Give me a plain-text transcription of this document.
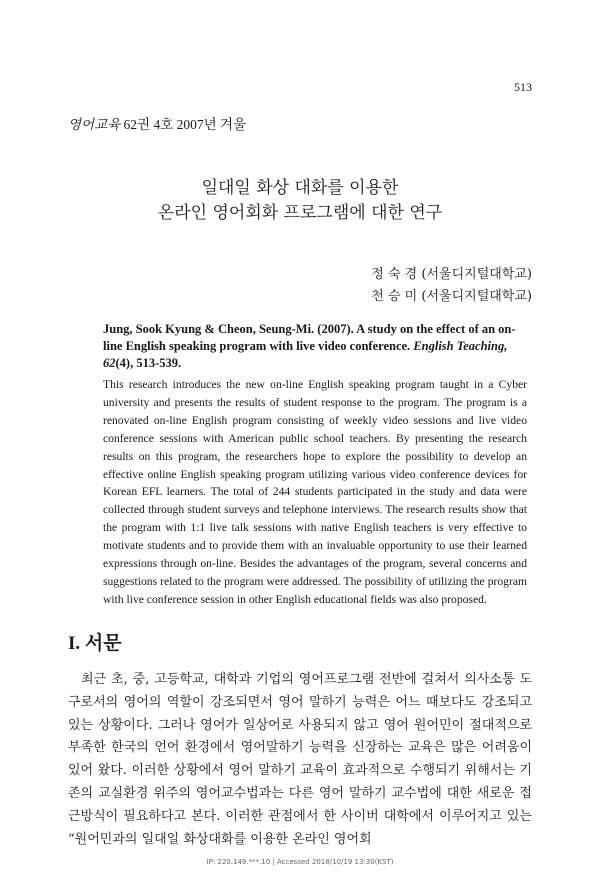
513
영어교육 62권 4호 2007년 겨울
일대일 화상 대화를 이용한
온라인 영어회화 프로그램에 대한 연구
정 숙 경 (서울디지털대학교)
천 승 미 (서울디지털대학교)
Jung, Sook Kyung & Cheon, Seung-Mi. (2007). A study on the effect of an on-line English speaking program with live video conference. English Teaching, 62(4), 513-539.
This research introduces the new on-line English speaking program taught in a Cyber university and presents the results of student response to the program. The program is a renovated on-line English program consisting of weekly video sessions and live video conference sessions with American public school teachers. By presenting the research results on this program, the researchers hope to explore the possibility to develop an effective online English speaking program utilizing various video conference devices for Korean EFL learners. The total of 244 students participated in the study and data were collected through student surveys and telephone interviews. The research results show that the program with 1:1 live talk sessions with native English teachers is very effective to motivate students and to provide them with an invaluable opportunity to use their learned expressions through on-line. Besides the advantages of the program, several concerns and suggestions related to the program were addressed. The possibility of utilizing the program with live conference session in other English educational fields was also proposed.
I. 서문
최근 초, 중, 고등학교, 대학과 기업의 영어프로그램 전반에 걸쳐서 의사소통 도구로서의 영어의 역할이 강조되면서 영어 말하기 능력은 어느 때보다도 강조되고 있는 상황이다. 그러나 영어가 일상어로 사용되지 않고 영어 원어민이 절대적으로 부족한 한국의 언어 환경에서 영어말하기 능력을 신장하는 교육은 많은 어려움이 있어 왔다. 이러한 상황에서 영어 말하기 교육이 효과적으로 수행되기 위해서는 기존의 교실환경 위주의 영어교수법과는 다른 영어 말하기 교수법에 대한 새로운 접근방식이 필요하다고 본다. 이러한 관점에서 한 사이버 대학에서 이루어지고 있는 “원어민과의 일대일 화상대화를 이용한 온라인 영어회
IP: 220.149.***.10 | Accessed 2018/10/19 13:30(KST)
